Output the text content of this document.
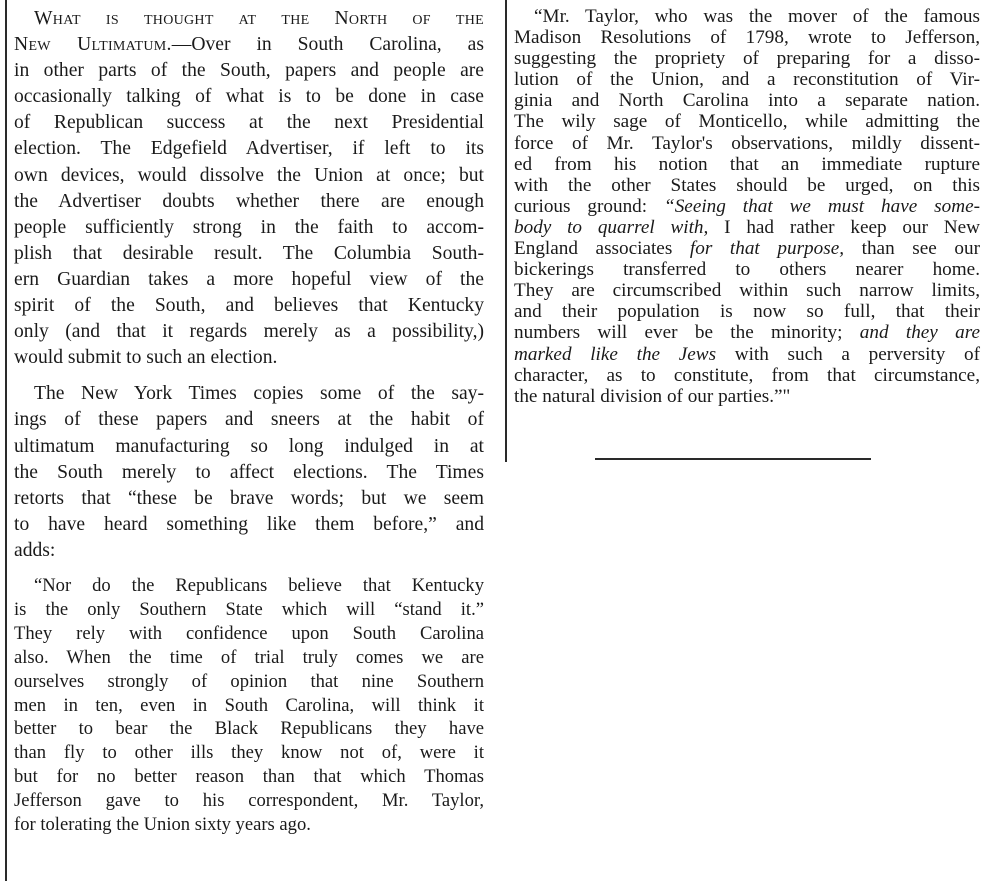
What is thought at the North of the
New Ultimatum.—Over in South Carolina, as
in other parts of the South, papers and people are
occasionally talking of what is to be done in case
of Republican success at the next Presidential
election. The Edgefield Advertiser, if left to its
own devices, would dissolve the Union at once; but
the Advertiser doubts whether there are enough
people sufficiently strong in the faith to accom-
plish that desirable result. The Columbia South-
ern Guardian takes a more hopeful view of the
spirit of the South, and believes that Kentucky
only (and that it regards merely as a possibility,)
would submit to such an election.
The New York Times copies some of the say-
ings of these papers and sneers at the habit of
ultimatum manufacturing so long indulged in at
the South merely to affect elections. The Times
retorts that “these be brave words; but we seem
to have heard something like them before,” and
adds:
“Nor do the Republicans believe that Kentucky
is the only Southern State which will “stand it.”
They rely with confidence upon South Carolina
also. When the time of trial truly comes we are
ourselves strongly of opinion that nine Southern
men in ten, even in South Carolina, will think it
better to bear the Black Republicans they have
than fly to other ills they know not of, were it
but for no better reason than that which Thomas
Jefferson gave to his correspondent, Mr. Taylor,
for tolerating the Union sixty years ago.
“Mr. Taylor, who was the mover of the famous
Madison Resolutions of 1798, wrote to Jefferson,
suggesting the propriety of preparing for a disso-
lution of the Union, and a reconstitution of Vir-
ginia and North Carolina into a separate nation.
The wily sage of Monticello, while admitting the
force of Mr. Taylor's observations, mildly dissent-
ed from his notion that an immediate rupture
with the other States should be urged, on this
curious ground: “Seeing that we must have some-
body to quarrel with, I had rather keep our New
England associates for that purpose, than see our
bickerings transferred to others nearer home.
They are circumscribed within such narrow limits,
and their population is now so full, that their
numbers will ever be the minority; and they are
marked like the Jews with such a perversity of
character, as to constitute, from that circumstance,
the natural division of our parties.”"
